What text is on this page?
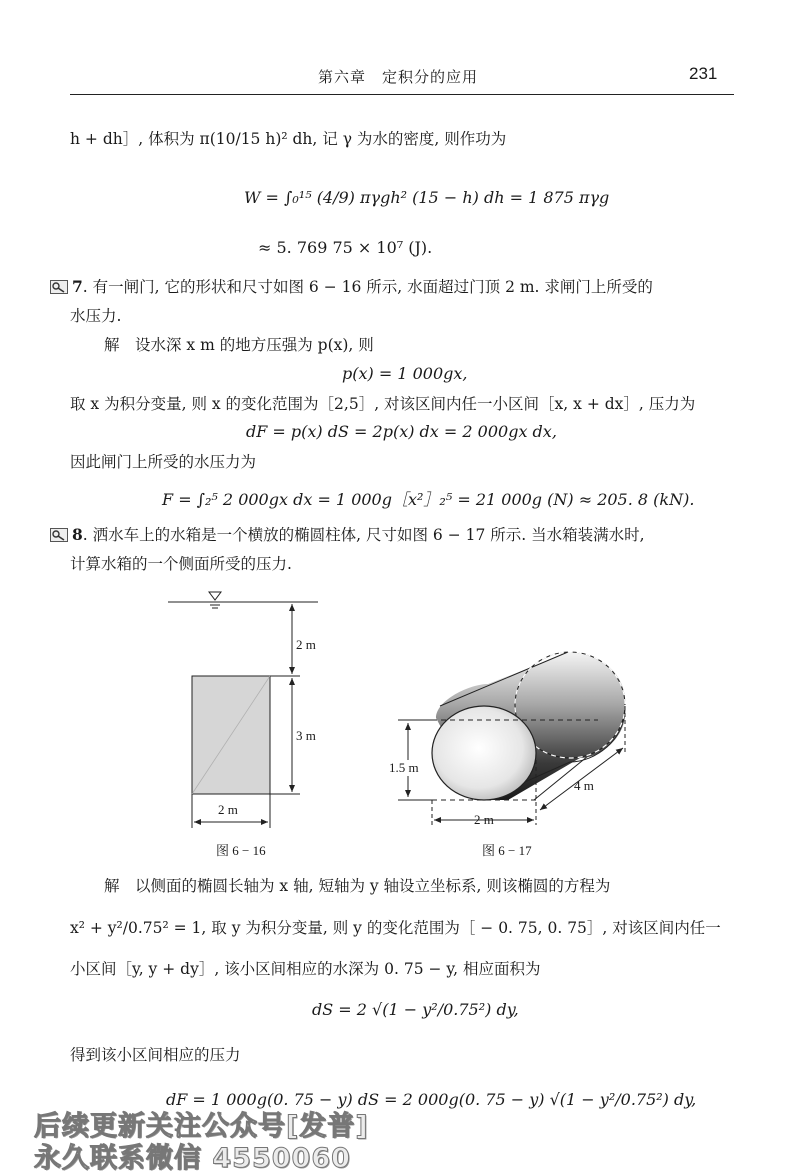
第六章　定积分的应用	231
h + dh］, 体积为 π(10/15 h)² dh, 记 γ 为水的密度, 则作功为
W = ∫₀¹⁵ (4/9) πγgh² (15 − h) dh = 1 875 πγg
≈ 5. 769 75 × 10⁷ (J).
7. 有一闸门, 它的形状和尺寸如图 6 − 16 所示, 水面超过门顶 2 m. 求闸门上所受的
水压力.
解　设水深 x m 的地方压强为 p(x), 则
p(x) = 1 000gx,
取 x 为积分变量, 则 x 的变化范围为［2,5］, 对该区间内任一小区间［x, x + dx］, 压力为
dF = p(x) dS = 2p(x) dx = 2 000gx dx,
因此闸门上所受的水压力为
F = ∫₂⁵ 2 000gx dx = 1 000g［x²］₂⁵ = 21 000g (N) ≈ 205. 8 (kN).
8. 洒水车上的水箱是一个横放的椭圆柱体, 尺寸如图 6 − 17 所示. 当水箱装满水时,
计算水箱的一个侧面所受的压力.
2 m
3 m
2 m
图 6 − 16
1.5 m
4 m
2 m
图 6 − 17
解　以侧面的椭圆长轴为 x 轴, 短轴为 y 轴设立坐标系, 则该椭圆的方程为
x² + y²/0.75² = 1, 取 y 为积分变量, 则 y 的变化范围为［ − 0. 75, 0. 75］, 对该区间内任一
小区间［y, y + dy］, 该小区间相应的水深为 0. 75 − y, 相应面积为
dS = 2 √(1 − y²/0.75²) dy,
得到该小区间相应的压力
dF = 1 000g(0. 75 − y) dS = 2 000g(0. 75 − y) √(1 − y²/0.75²) dy,
后续更新关注公众号[发普]
永久联系微信 4550060
